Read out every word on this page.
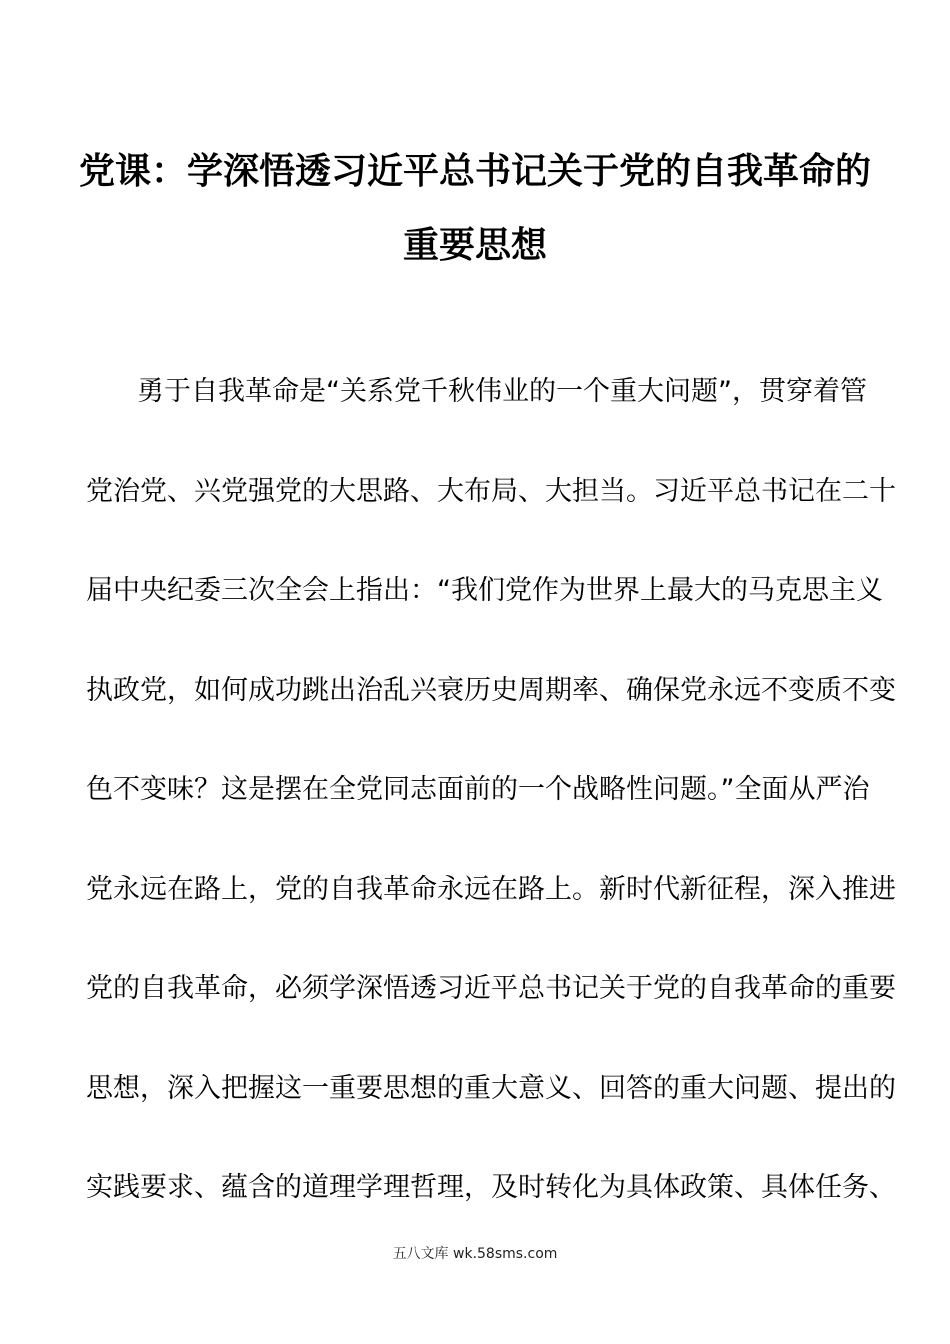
党课：学深悟透习近平总书记关于党的自我革命的
重要思想
勇于自我革命是“关系党千秋伟业的一个重大问题”，贯穿着管
党治党、兴党强党的大思路、大布局、大担当。习近平总书记在二十
届中央纪委三次全会上指出：“我们党作为世界上最大的马克思主义
执政党，如何成功跳出治乱兴衰历史周期率、确保党永远不变质不变
色不变味？这是摆在全党同志面前的一个战略性问题。”全面从严治
党永远在路上，党的自我革命永远在路上。新时代新征程，深入推进
党的自我革命，必须学深悟透习近平总书记关于党的自我革命的重要
思想，深入把握这一重要思想的重大意义、回答的重大问题、提出的
实践要求、蕴含的道理学理哲理，及时转化为具体政策、具体任务、
五八文库 wk.58sms.com
